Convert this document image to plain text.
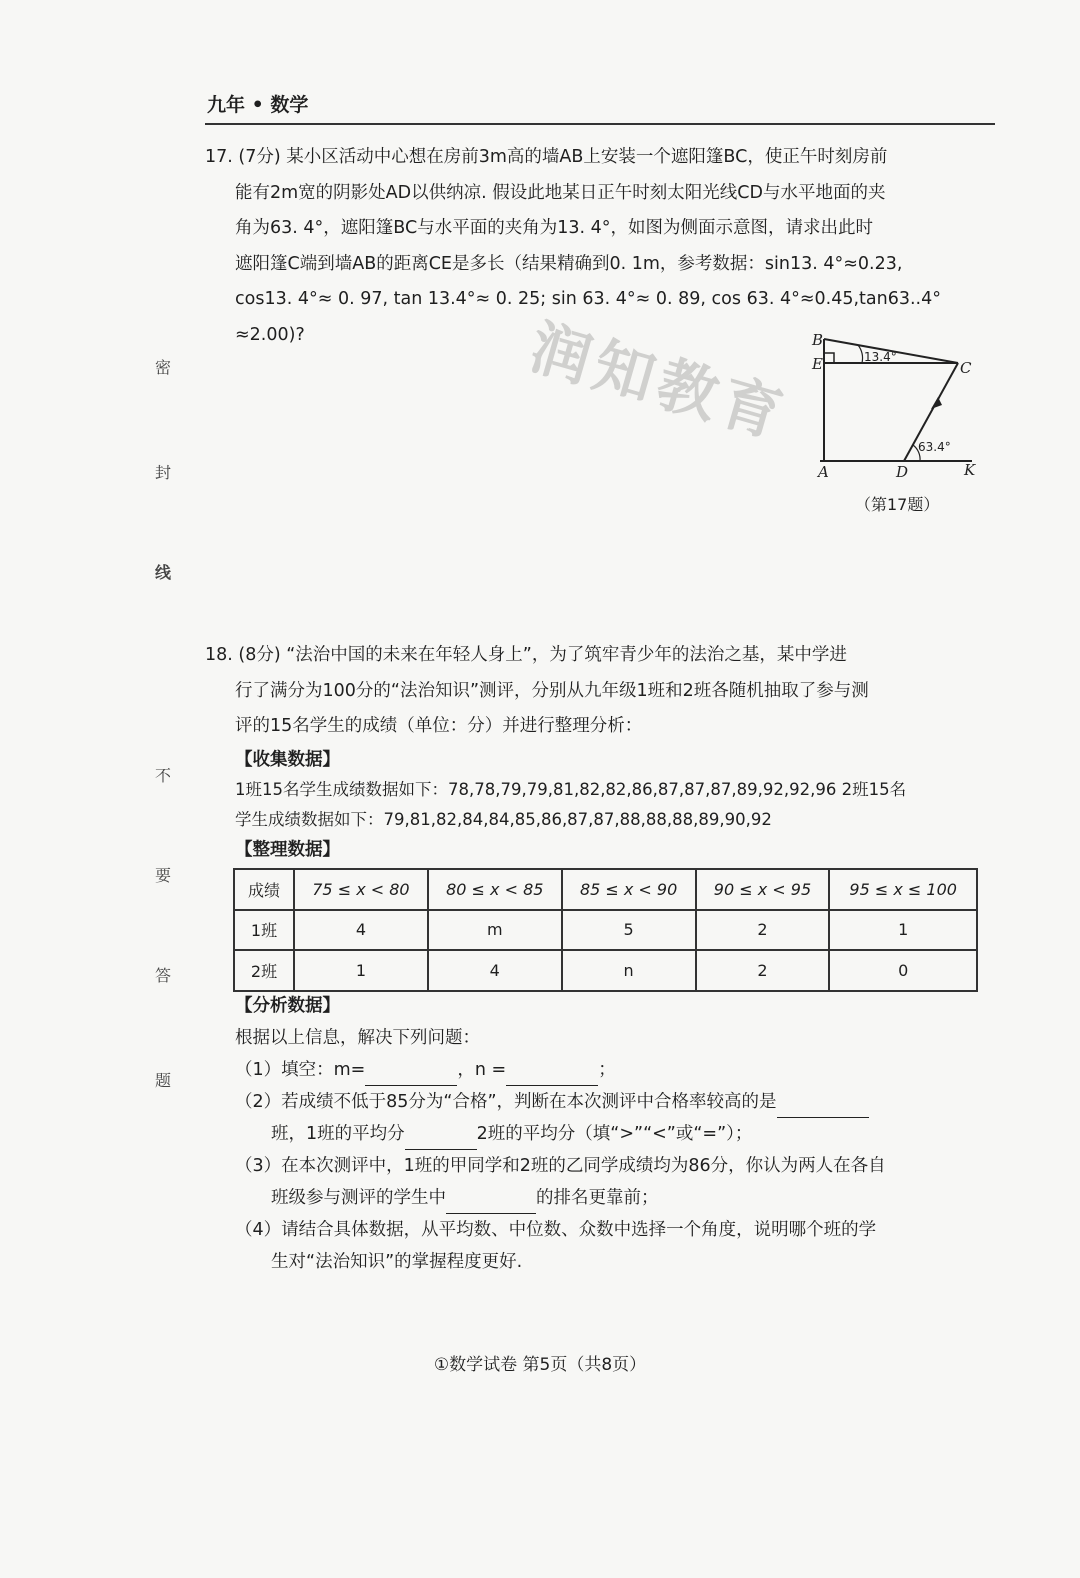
九年 • 数学
密
封
线
不
要
答
题

17. (7分) 某小区活动中心想在房前3m高的墙AB上安装一个遮阳篷BC，使正午时刻房前

能有2m宽的阴影处AD以供纳凉. 假设此地某日正午时刻太阳光线CD与水平地面的夹

角为63. 4°，遮阳篷BC与水平面的夹角为13. 4°，如图为侧面示意图，请求出此时

遮阳篷C端到墙AB的距离CE是多长（结果精确到0. 1m，参考数据：sin13. 4°≈0.23,

cos13. 4°≈ 0. 97, tan 13.4°≈ 0. 25; sin 63. 4°≈ 0. 89, cos 63. 4°≈0.45,tan63..4°

≈2.00)?	润知教育 B
E	C
A	D	K
13.4°
63.4°
（第17题）

18. (8分) “法治中国的未来在年轻人身上”，为了筑牢青少年的法治之基，某中学进

行了满分为100分的“法治知识”测评，分别从九年级1班和2班各随机抽取了参与测

评的15名学生的成绩（单位：分）并进行整理分析：

【收集数据】

1班15名学生成绩数据如下：78,78,79,79,81,82,82,86,87,87,87,89,92,92,96 2班15名

学生成绩数据如下：79,81,82,84,84,85,86,87,87,88,88,88,89,90,92

【整理数据】

成绩	75 ≤ x < 80	80 ≤ x < 85	85 ≤ x < 90	90 ≤ x < 95	95 ≤ x ≤ 100
1班	4	m	5	2	1
2班	1	4	n	2	0

【分析数据】

根据以上信息，解决下列问题：

（1）填空：m=	，n =	；

（2）若成绩不低于85分为“合格”，判断在本次测评中合格率较高的是

班，1班的平均分	2班的平均分（填“>”“<”或“=”）；

（3）在本次测评中，1班的甲同学和2班的乙同学成绩均为86分，你认为两人在各自

班级参与测评的学生中	的排名更靠前；

（4）请结合具体数据，从平均数、中位数、众数中选择一个角度，说明哪个班的学

生对“法治知识”的掌握程度更好.

①数学试卷 第5页（共8页）
